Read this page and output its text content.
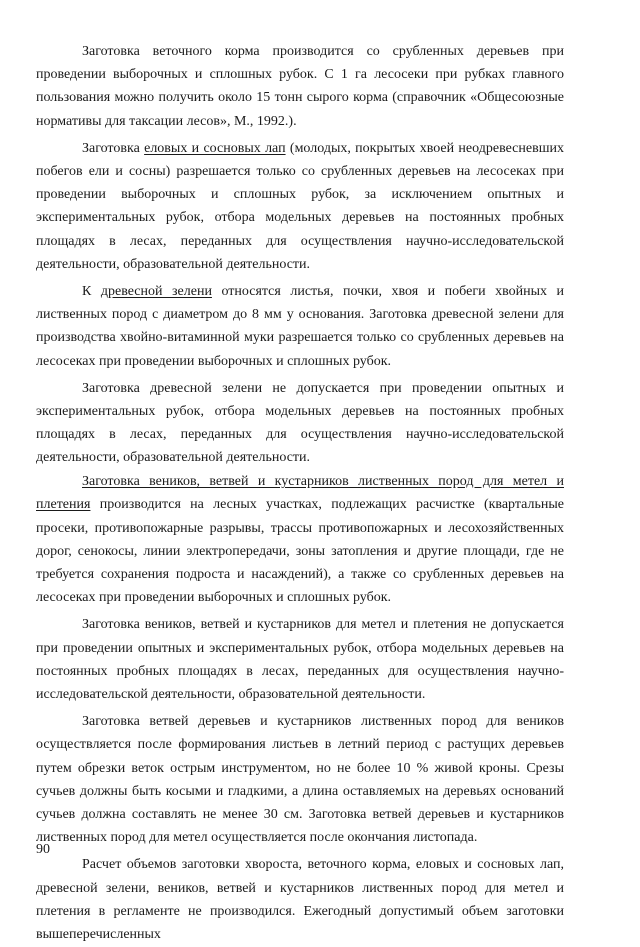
Заготовка веточного корма производится со срубленных деревьев при проведении выборочных и сплошных рубок. С 1 га лесосеки при рубках главного пользования можно получить около 15 тонн сырого корма (справочник «Общесоюзные нормативы для таксации лесов», М., 1992.).

Заготовка еловых и сосновых лап (молодых, покрытых хвоей неодревесневших побегов ели и сосны) разрешается только со срубленных деревьев на лесосеках при проведении выборочных и сплошных рубок, за исключением опытных и экспериментальных рубок, отбора модельных деревьев на постоянных пробных площадях в лесах, переданных для осуществления научно-исследовательской деятельности, образовательной деятельности.

К древесной зелени относятся листья, почки, хвоя и побеги хвойных и лиственных пород с диаметром до 8 мм у основания. Заготовка древесной зелени для производства хвойно-витаминной муки разрешается только со срубленных деревьев на лесосеках при проведении выборочных и сплошных рубок.

Заготовка древесной зелени не допускается при проведении опытных и экспериментальных рубок, отбора модельных деревьев на постоянных пробных площадях в лесах, переданных для осуществления научно-исследовательской деятельности, образовательной деятельности.

Заготовка веников, ветвей и кустарников лиственных пород для метел и плетения производится на лесных участках, подлежащих расчистке (квартальные просеки, противопожарные разрывы, трассы противопожарных и лесохозяйственных дорог, сенокосы, линии электропередачи, зоны затопления и другие площади, где не требуется сохранения подроста и насаждений), а также со срубленных деревьев на лесосеках при проведении выборочных и сплошных рубок.

Заготовка веников, ветвей и кустарников для метел и плетения не допускается при проведении опытных и экспериментальных рубок, отбора модельных деревьев на постоянных пробных площадях в лесах, переданных для осуществления научно-исследовательской деятельности, образовательной деятельности.

Заготовка ветвей деревьев и кустарников лиственных пород для веников осуществляется после формирования листьев в летний период с растущих деревьев путем обрезки веток острым инструментом, но не более 10 % живой кроны. Срезы сучьев должны быть косыми и гладкими, а длина оставляемых на деревьях оснований сучьев должна составлять не менее 30 см. Заготовка ветвей деревьев и кустарников лиственных пород для метел осуществляется после окончания листопада.

Расчет объемов заготовки хвороста, веточного корма, еловых и сосновых лап, древесной зелени, веников, ветвей и кустарников лиственных пород для метел и плетения в регламенте не производился. Ежегодный допустимый объем заготовки вышеперечисленных

90
